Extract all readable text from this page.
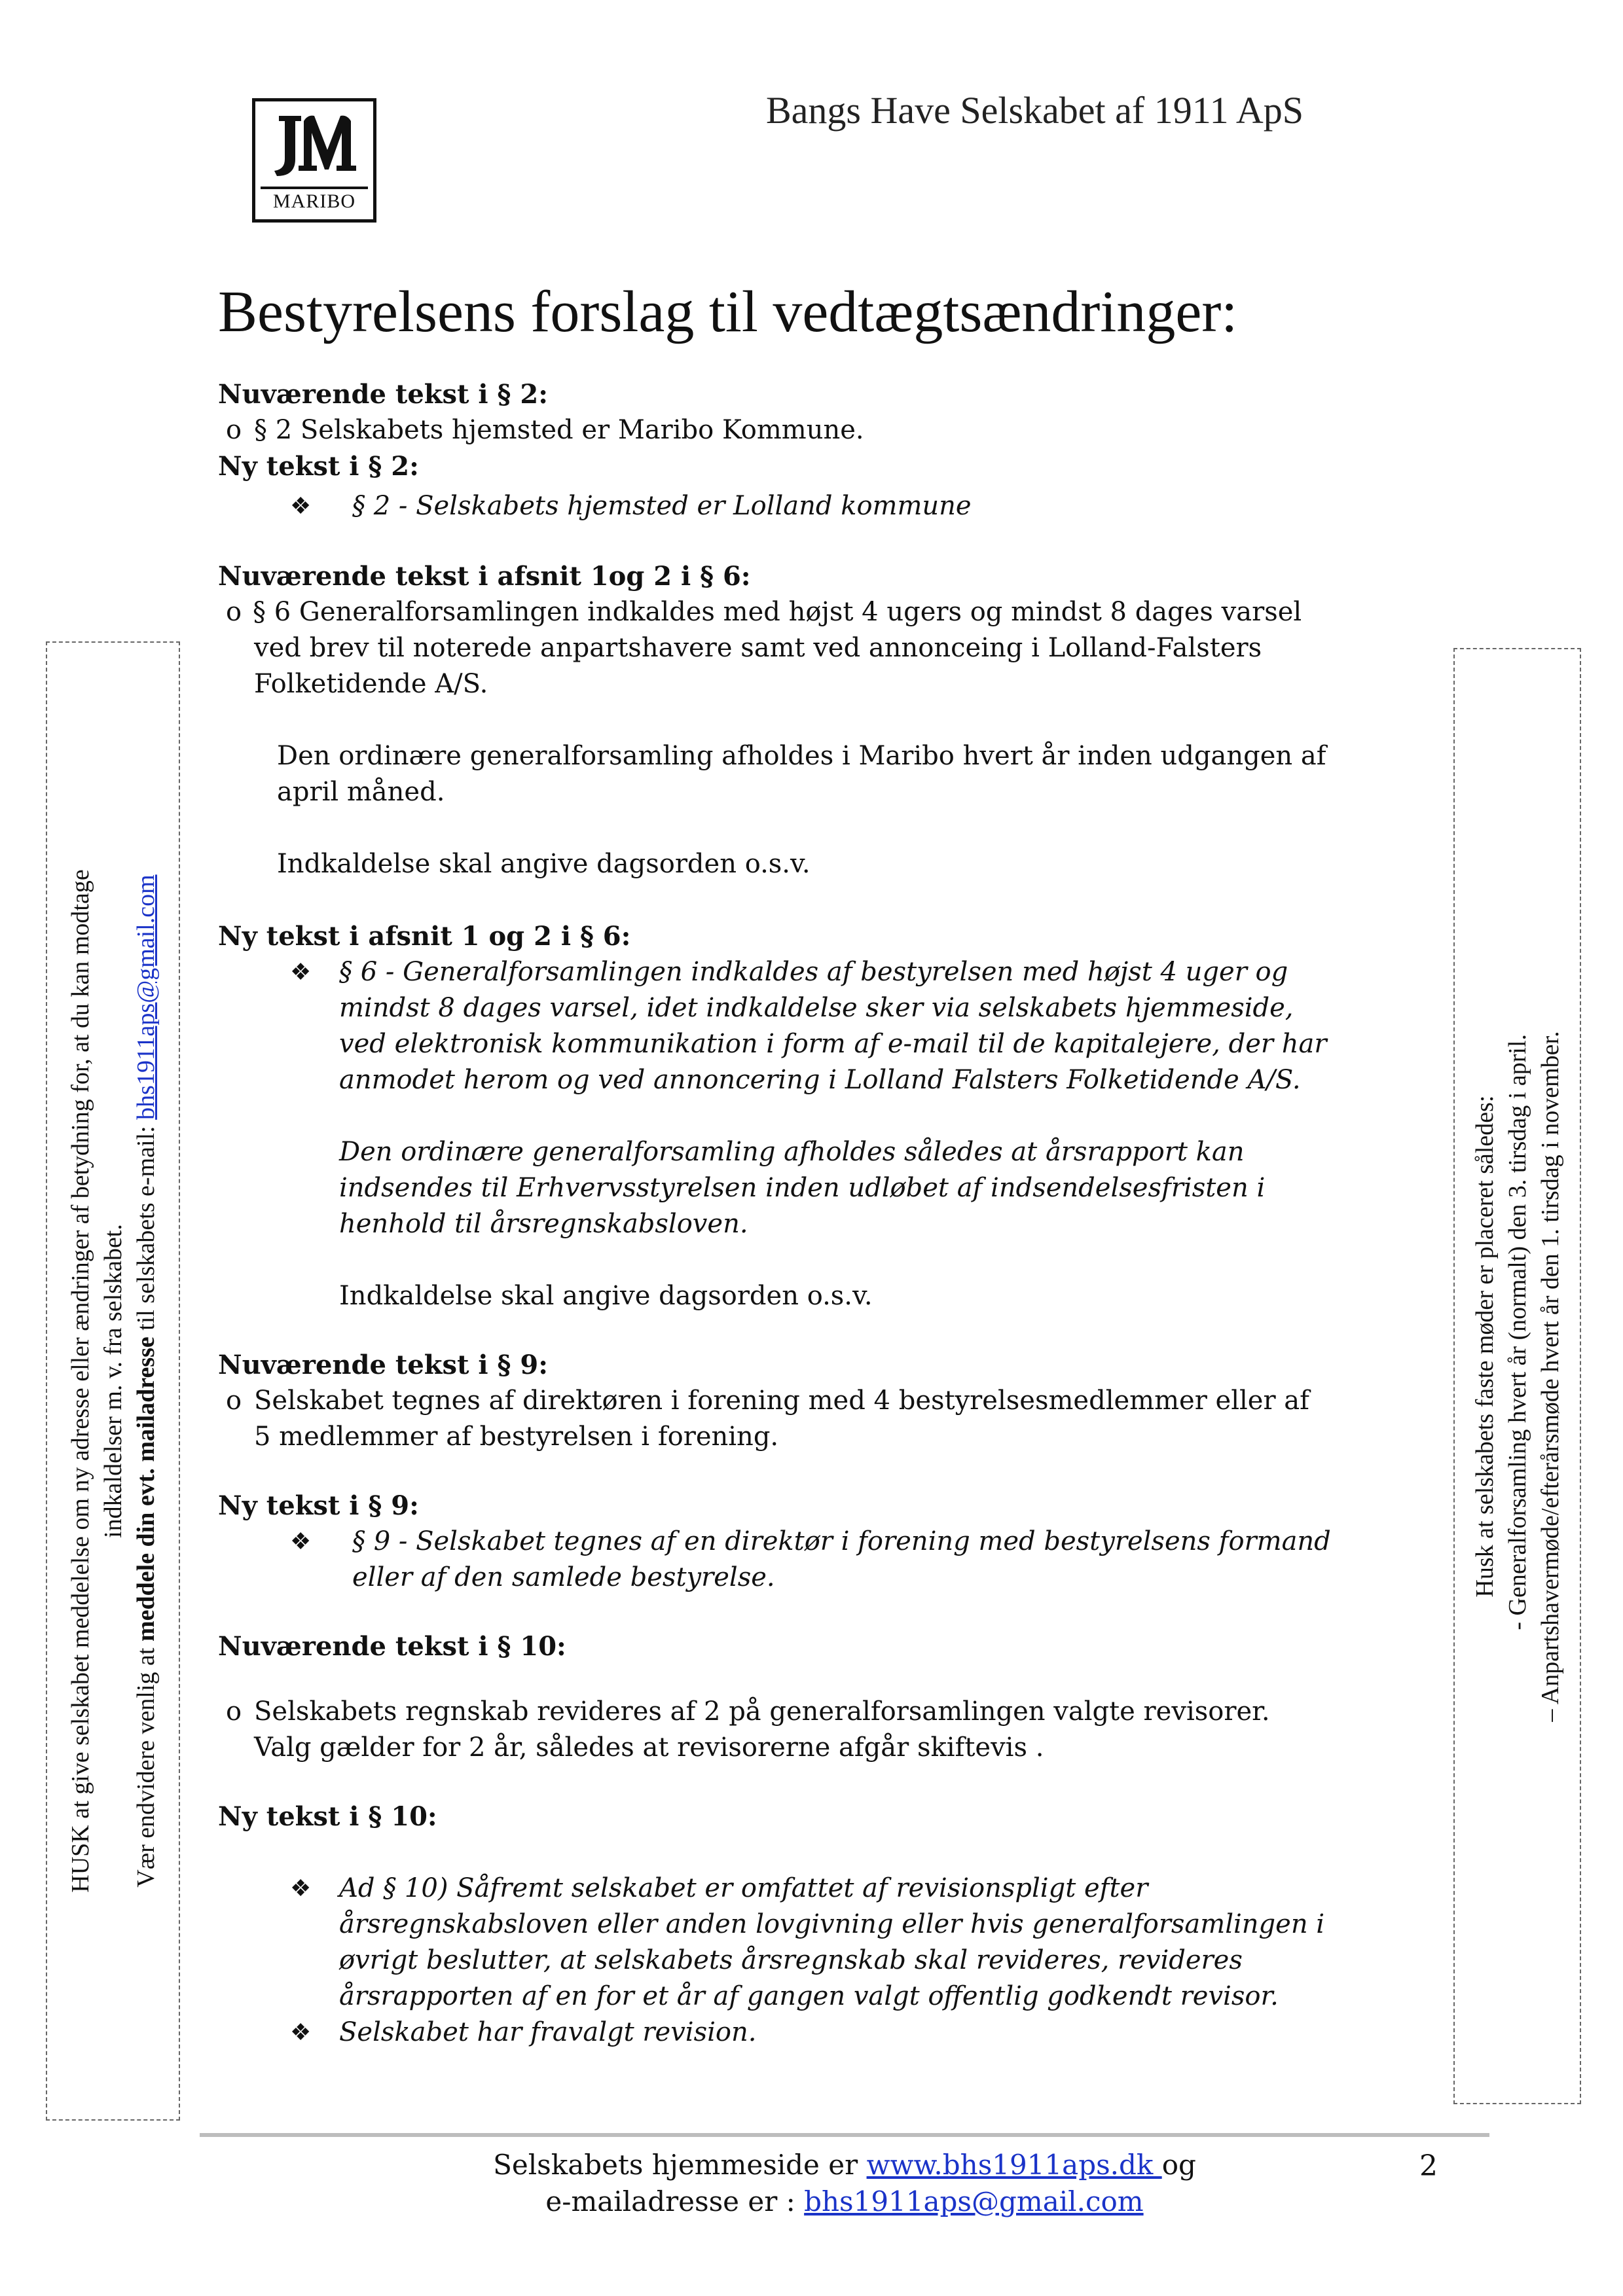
MARIBO
Bangs Have Selskabet af 1911 ApS
Bestyrelsens forslag til vedtægtsændringer:
Nuværende tekst i § 2:
o § 2 Selskabets hjemsted er Maribo Kommune.
Ny tekst i § 2:
❖	§ 2 - Selskabets hjemsted er Lolland kommune
Nuværende tekst i afsnit 1og 2 i § 6:
o § 6 Generalforsamlingen indkaldes med højst 4 ugers og mindst 8 dages varsel
ved brev til noterede anpartshavere samt ved annonceing i Lolland-Falsters
Folketidende A/S.
Den ordinære generalforsamling afholdes i Maribo hvert år inden udgangen af
april måned.
Indkaldelse skal angive dagsorden o.s.v.
Ny tekst i afsnit 1 og 2 i § 6:
❖	§ 6 - Generalforsamlingen indkaldes af bestyrelsen med højst 4 uger og
mindst 8 dages varsel, idet indkaldelse sker via selskabets hjemmeside,
ved elektronisk kommunikation i form af e-mail til de kapitalejere, der har
anmodet herom og ved annoncering i Lolland Falsters Folketidende A/S.
Den ordinære generalforsamling afholdes således at årsrapport kan
indsendes til Erhvervsstyrelsen inden udløbet af indsendelsesfristen i
henhold til årsregnskabsloven.
Indkaldelse skal angive dagsorden o.s.v.
Nuværende tekst i § 9:
o Selskabet tegnes af direktøren i forening med 4 bestyrelsesmedlemmer eller af
5 medlemmer af bestyrelsen i forening.
Ny tekst i § 9:
❖	§ 9 - Selskabet tegnes af en direktør i forening med bestyrelsens formand
eller af den samlede bestyrelse.
Nuværende tekst i § 10:
o Selskabets regnskab revideres af 2 på generalforsamlingen valgte revisorer.
Valg gælder for 2 år, således at revisorerne afgår skiftevis .
Ny tekst i § 10:
❖	Ad § 10) Såfremt selskabet er omfattet af revisionspligt efter
årsregnskabsloven eller anden lovgivning eller hvis generalforsamlingen i
øvrigt beslutter, at selskabets årsregnskab skal revideres, revideres
årsrapporten af en for et år af gangen valgt offentlig godkendt revisor.
❖	Selskabet har fravalgt revision.
HUSK at give selskabet meddelelse om ny adresse eller ændringer af betydning for, at du kan modtage indkaldelser m. v. fra selskabet.
Vær endvidere venlig at meddele din evt. mailadresse til selskabets e-mail: bhs1911aps@gmail.com
Husk at selskabets faste møder er placeret således: - Generalforsamling hvert år (normalt) den 3. tirsdag i april. – Anpartshavermøde/efterårsmøde hvert år den 1. tirsdag i november.
Selskabets hjemmeside er www.bhs1911aps.dk og
e-mailadresse er : bhs1911aps@gmail.com
2
